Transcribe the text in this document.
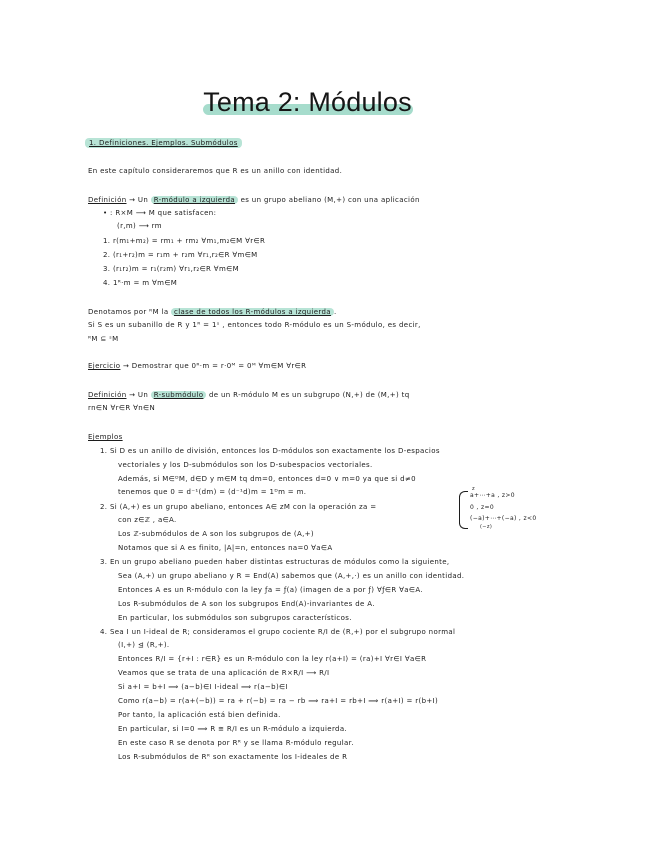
Tema 2: Módulos
1. Definiciones. Ejemplos. Submódulos
En este capítulo consideraremos que R es un anillo con identidad.
Definición → Un R-módulo a izquierda es un grupo abeliano (M,+) con una aplicación
• : R×M ⟶ M que satisfacen:
(r,m) ⟶ rm
1. r(m₁+m₂) = rm₁ + rm₂ ∀m₁,m₂∈M ∀r∈R
2. (r₁+r₂)m = r₁m + r₂m ∀r₁,r₂∈R ∀m∈M
3. (r₁r₂)m = r₁(r₂m) ∀r₁,r₂∈R ∀m∈M
4. 1ᴿ·m = m ∀m∈M
Denotamos por ᴿM la clase de todos los R-módulos a izquierda .
Si S es un subanillo de R y 1ᴿ = 1ˢ , entonces todo R-módulo es un S-módulo, es decir,
ᴿM ⊆ ˢM
Ejercicio → Demostrar que 0ᴿ·m = r·0ᴹ = 0ᴹ ∀m∈M ∀r∈R
Definición → Un R-submódulo de un R-módulo M es un subgrupo (N,+) de (M,+) tq
rn∈N ∀r∈R ∀n∈N
Ejemplos
1. Si D es un anillo de división, entonces los D-módulos son exactamente los D-espacios
vectoriales y los D-submódulos son los D-subespacios vectoriales.
Además, si M∈ᴰM, d∈D y m∈M tq dm=0, entonces d=0 ∨ m=0 ya que si d≠0
tenemos que 0 = d⁻¹(dm) = (d⁻¹d)m = 1ᴰm = m.
2. Si (A,+) es un grupo abeliano, entonces A∈ ᴢM con la operación za =
con z∈ℤ , a∈A.
z
a+⋯+a , z>0
0 , z=0
(−a)+⋯+(−a) , z<0
(−z)
Los ℤ-submódulos de A son los subgrupos de (A,+)
Notamos que si A es finito, |A|=n, entonces na=0 ∀a∈A
3. En un grupo abeliano pueden haber distintas estructuras de módulos como la siguiente,
Sea (A,+) un grupo abeliano y R = End(A) sabemos que (A,+,·) es un anillo con identidad.
Entonces A es un R-módulo con la ley ƒa = ƒ(a) (imagen de a por ƒ) ∀ƒ∈R ∀a∈A.
Los R-submódulos de A son los subgrupos End(A)-invariantes de A.
En particular, los submódulos son subgrupos característicos.
4. Sea I un I-ideal de R; consideramos el grupo cociente R/I de (R,+) por el subgrupo normal
(I,+) ⊴ (R,+).
Entonces R/I = {r+I : r∈R} es un R-módulo con la ley r(a+I) = (ra)+I ∀r∈I ∀a∈R
Veamos que se trata de una aplicación de R×R/I ⟶ R/I
Si a+I = b+I ⟹ (a−b)∈I I-ideal ⟹ r(a−b)∈I
Como r(a−b) = r(a+(−b)) = ra + r(−b) = ra − rb ⟹ ra+I = rb+I ⟹ r(a+I) = r(b+I)
Por tanto, la aplicación está bien definida.
En particular, si I=0 ⟹ R ≅ R/I es un R-módulo a izquierda.
En este caso R se denota por Rᴿ y se llama R-módulo regular.
Los R-submódulos de Rᴿ son exactamente los I-ideales de R
